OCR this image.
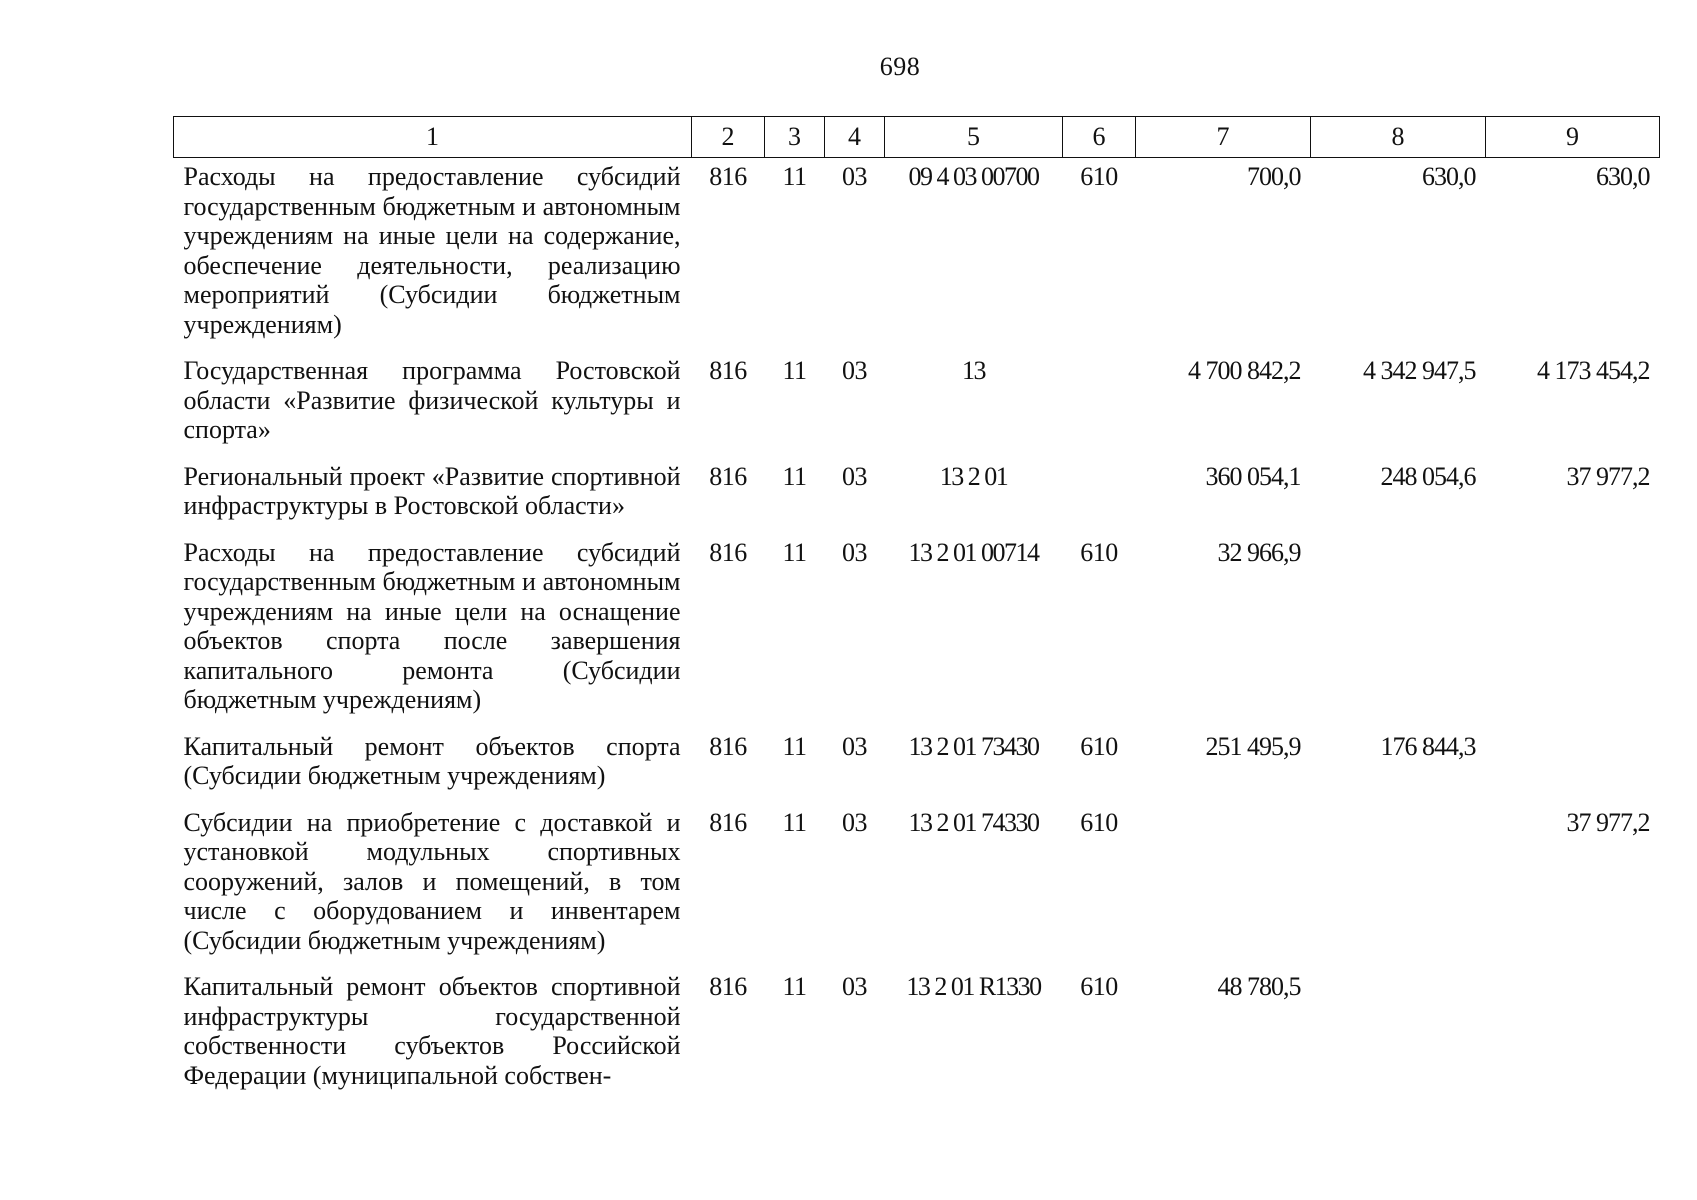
698
1	2	3	4	5	6	7	8	9
Расходы на предоставление субсидий государственным бюджетным и автономным учреждениям на иные цели на содержание, обеспечение деятельности, реализацию мероприятий (Субсидии бюджетным учреждениям)	816	11	03	09 4 03 00700	610	700,0	630,0	630,0
Государственная программа Ростовской области «Развитие физической культуры и спорта»	816	11	03	13		4 700 842,2	4 342 947,5	4 173 454,2
Региональный проект «Развитие спортивной инфраструктуры в Ростовской области»	816	11	03	13 2 01		360 054,1	248 054,6	37 977,2
Расходы на предоставление субсидий государственным бюджетным и автономным учреждениям на иные цели на оснащение объектов спорта после завершения капитального ремонта (Субсидии бюджетным учреждениям)	816	11	03	13 2 01 00714	610	32 966,9		
Капитальный ремонт объектов спорта (Субсидии бюджетным учреждениям)	816	11	03	13 2 01 73430	610	251 495,9	176 844,3	
Субсидии на приобретение с доставкой и установкой модульных спортивных сооружений, залов и помещений, в том числе с оборудованием и инвентарем (Субсидии бюджетным учреждениям)	816	11	03	13 2 01 74330	610			37 977,2
Капитальный ремонт объектов спортивной инфраструктуры государственной собственности субъектов Российской Федерации (муниципальной собствен-	816	11	03	13 2 01 R1330	610	48 780,5		
